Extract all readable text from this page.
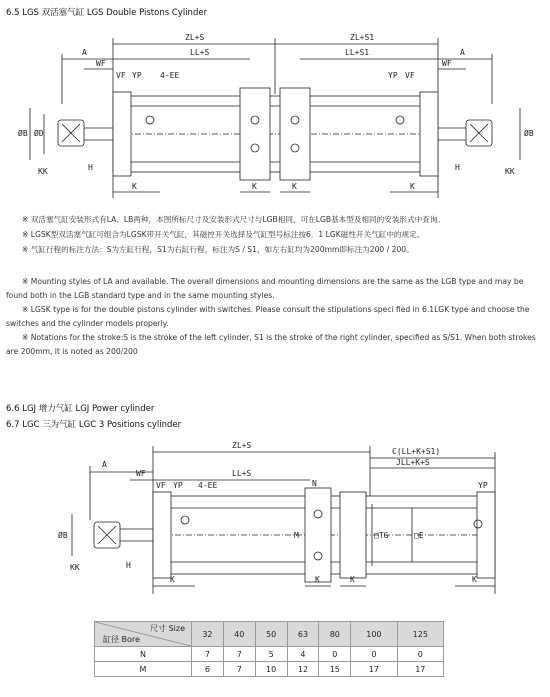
6.5 LGS 双活塞气缸 LGS Double Pistons Cylinder
ZL+S	ZL+S1
A	A
LL+S	LL+S1
WF	WF
VF YP 4-EE	VF
YP
KK	KK
H	H
K	K	K	K
ØB	ØB
ØD
※ 双活塞气缸安装形式有LA、LB两种，本图所标尺寸及安装形式尺寸与LGB相同，可在LGB基本型及相同的安装形式中查询。
※ LGSK型双活塞气缸可组合为LGSK带开关气缸，其磁控开关选择及气缸型号标注按6．1 LGK磁性开关气缸中的规定。
※ 气缸行程的标注方法：S为左缸行程，S1为右缸行程，标注为S / S1，如左右缸均为200mm即标注为200 / 200。

※ Mounting styles of LA and available. The overall dimensions and mounting dimensions are the same as the LGB type and may be found both in the LGB standard type and in the same mounting styles.

※ LGSK type is for the double pistons cylinder with switches. Please consult the stipulations speci fied in 6.1LGK type and choose the switches and the cylinder models properly.

※ Notations for the stroke:S is the stroke of the left cylinder, S1 is the stroke of the right cylinder, specified as S/S1. When both strokes are 200mm, it is noted as 200/200

6.6 LGJ 增力气缸 LGJ Power cylinder
6.7 LGC 三为气缸 LGC 3 Positions cylinder
ZL+S
C(LL+K+S1)
JLL+K+S
A
WF
VF YP 4-EE
LL+S
YP
ØB
KK	H
M
N
□TG	□E
K	K	K	K
尺寸 Size
缸径 Bore	32	40	50	63	80	100	125
N	7	7	5	4	0	0	0
M	6	7	10	12	15	17	17
